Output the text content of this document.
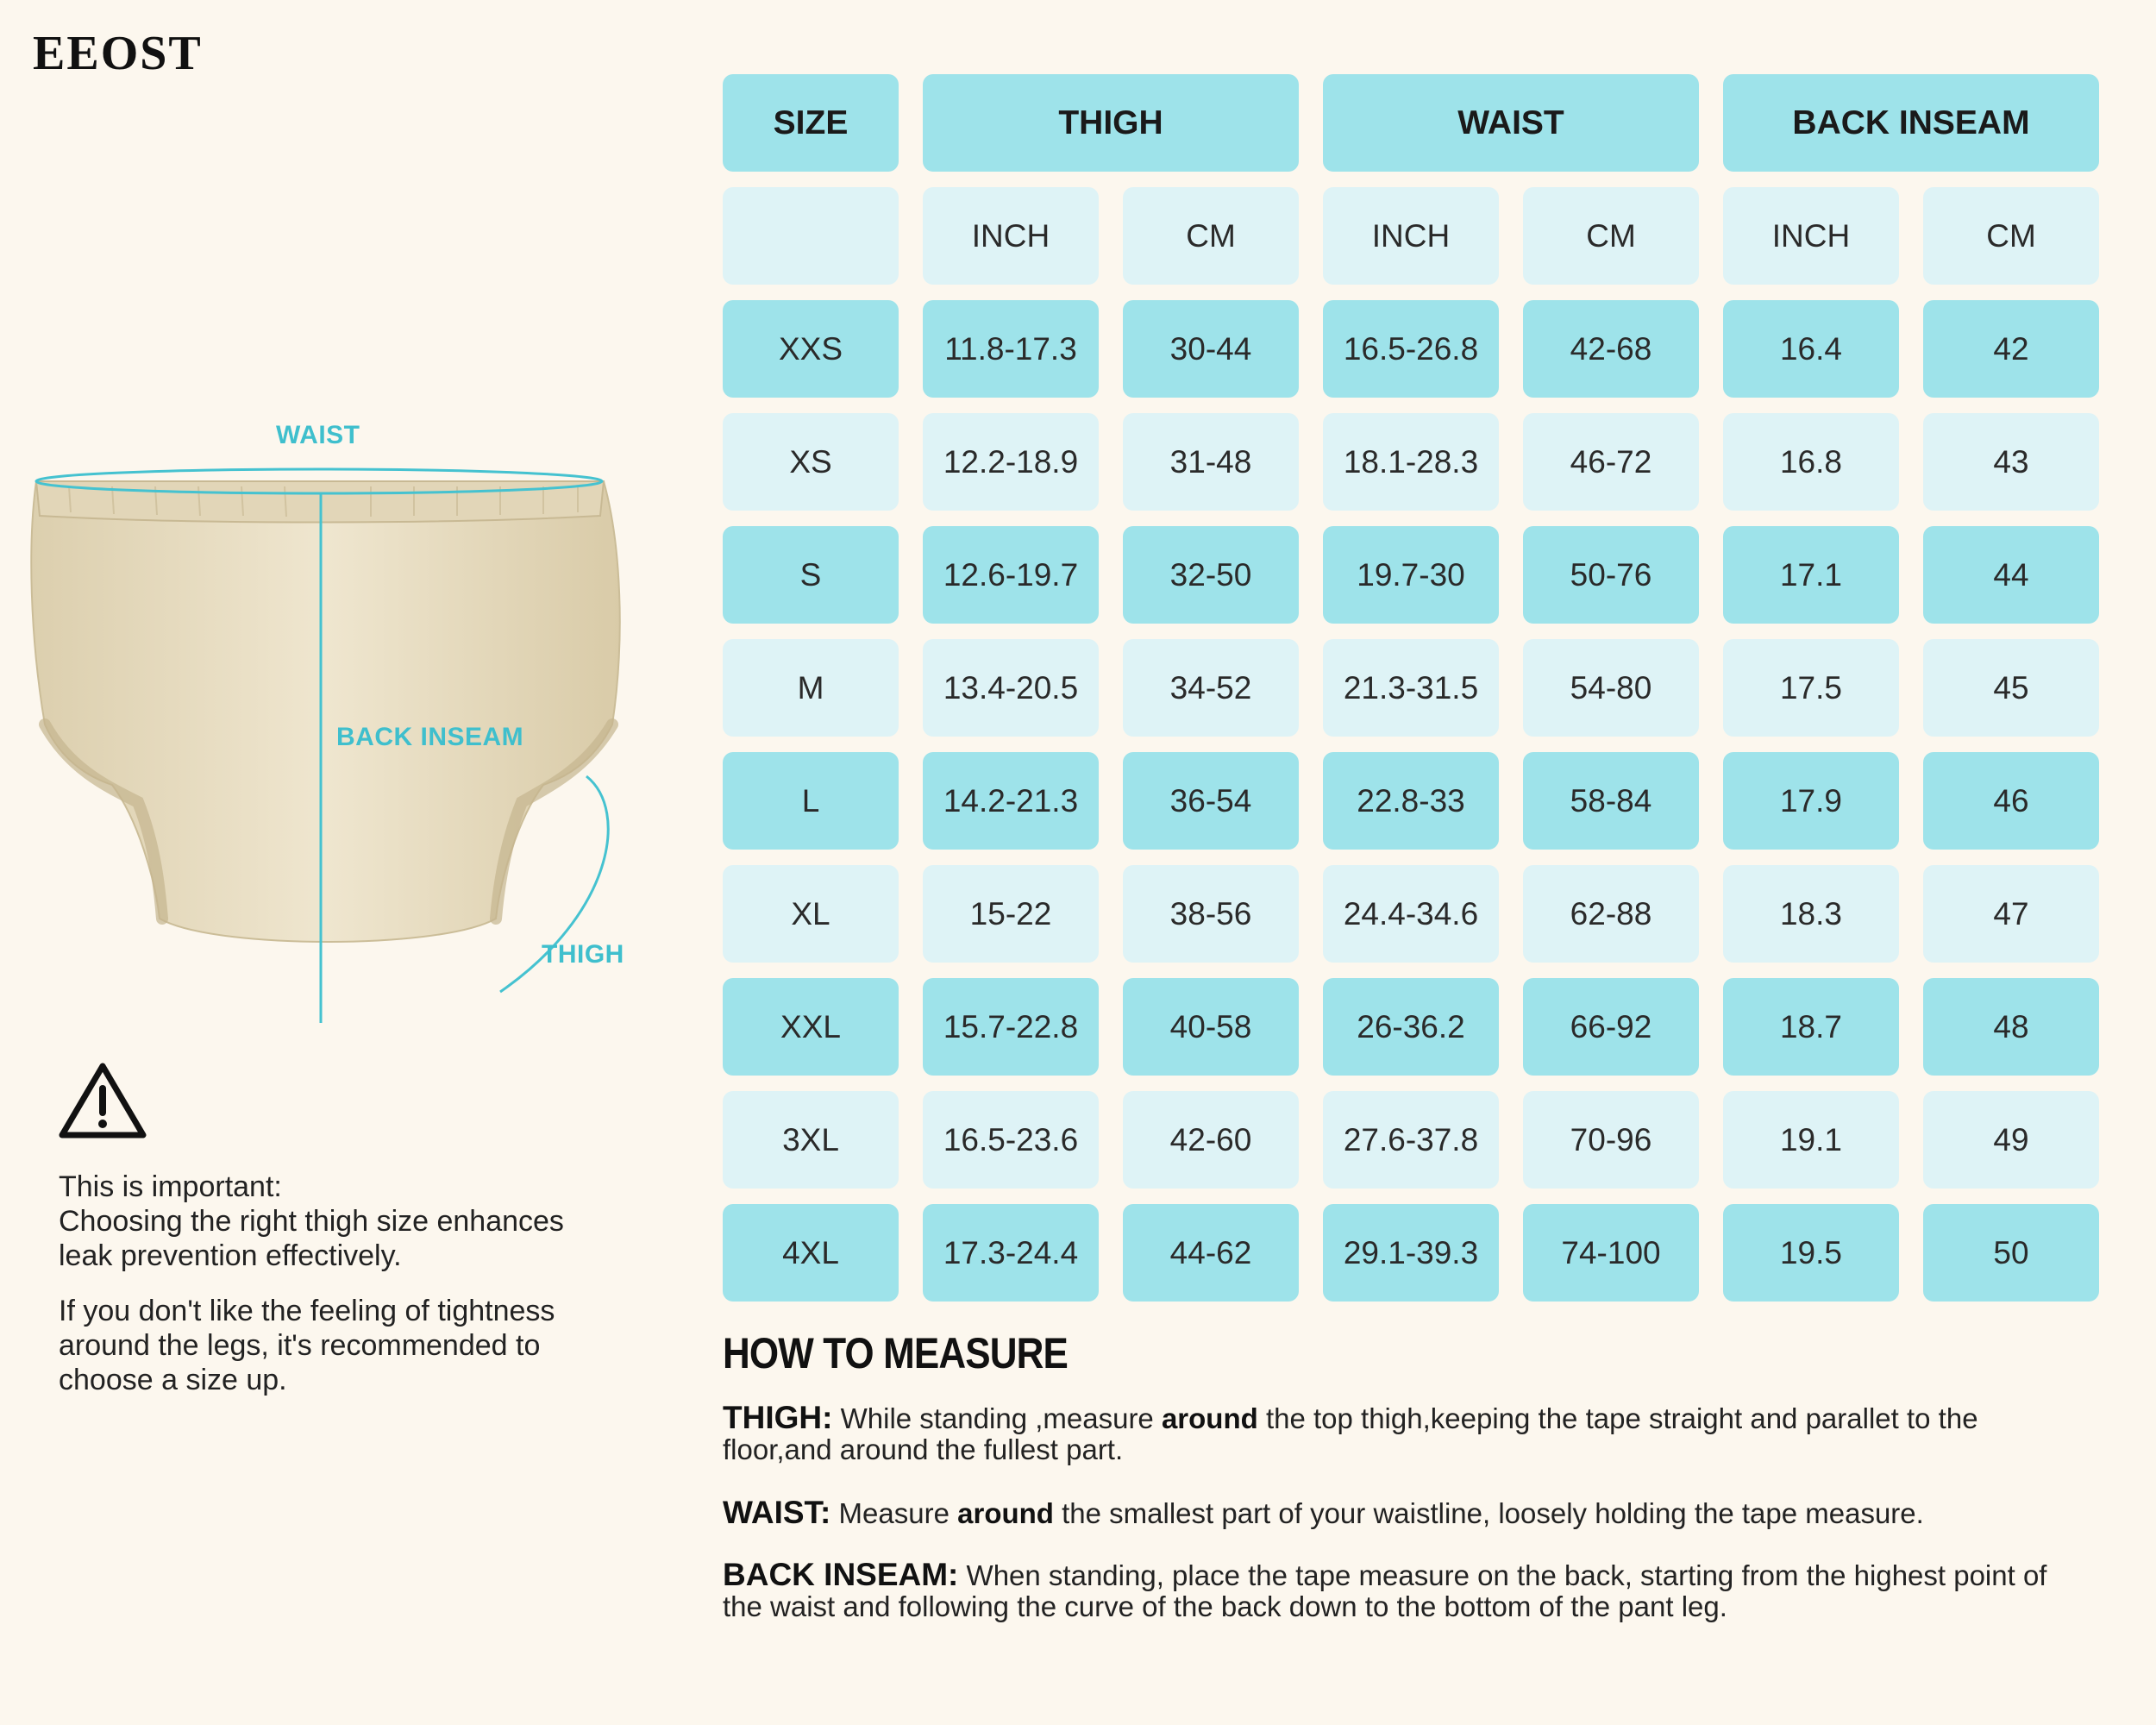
EEOST
SIZE	THIGH	WAIST	BACK INSEAM
INCH	CM	INCH	CM	INCH	CM
XXS	11.8-17.3	30-44	16.5-26.8	42-68	16.4	42
XS	12.2-18.9	31-48	18.1-28.3	46-72	16.8	43
S	12.6-19.7	32-50	19.7-30	50-76	17.1	44
M	13.4-20.5	34-52	21.3-31.5	54-80	17.5	45
L	14.2-21.3	36-54	22.8-33	58-84	17.9	46
XL	15-22	38-56	24.4-34.6	62-88	18.3	47
XXL	15.7-22.8	40-58	26-36.2	66-92	18.7	48
3XL	16.5-23.6	42-60	27.6-37.8	70-96	19.1	49
4XL	17.3-24.4	44-62	29.1-39.3	74-100	19.5	50
WAIST
BACK INSEAM
THIGH

This is important:

Choosing the right thigh size enhances leak prevention effectively.

If you don't like the feeling of tightness around the legs, it's recommended to choose a size up.

HOW TO MEASURE
THIGH: While standing ,measure around the top thigh,keeping the tape straight and parallet to the floor,and around the fullest part.
WAIST: Measure around the smallest part of your waistline, loosely holding the tape measure.
BACK INSEAM: When standing, place the tape measure on the back, starting from the highest point of the waist and following the curve of the back down to the bottom of the pant leg.
